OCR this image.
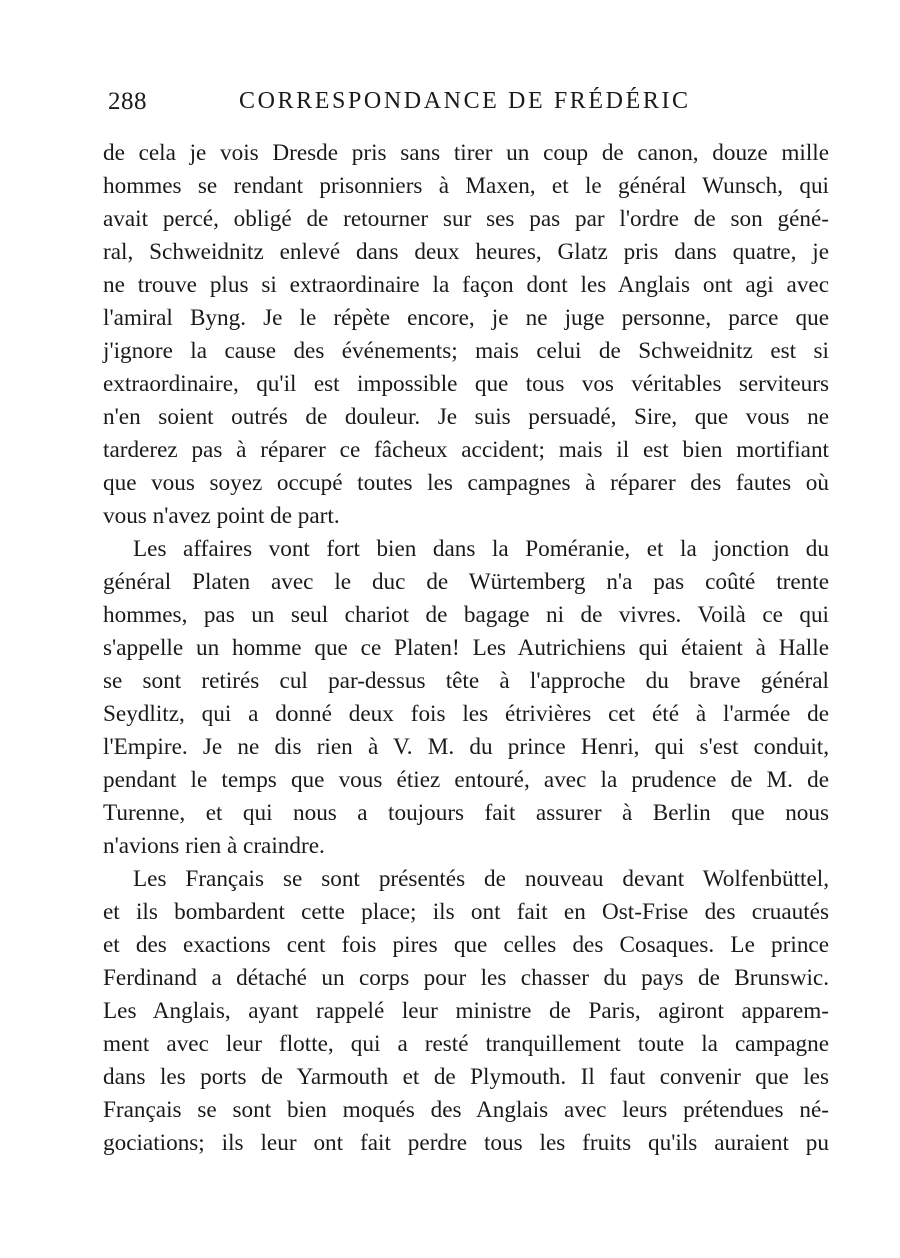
288	CORRESPONDANCE DE FRÉDÉRIC

de cela je vois Dresde pris sans tirer un coup de canon, douze mille
hommes se rendant prisonniers à Maxen, et le général Wunsch, qui
avait percé, obligé de retourner sur ses pas par l'ordre de son géné-
ral, Schweidnitz enlevé dans deux heures, Glatz pris dans quatre, je
ne trouve plus si extraordinaire la façon dont les Anglais ont agi avec
l'amiral Byng. Je le répète encore, je ne juge personne, parce que
j'ignore la cause des événements; mais celui de Schweidnitz est si
extraordinaire, qu'il est impossible que tous vos véritables serviteurs
n'en soient outrés de douleur. Je suis persuadé, Sire, que vous ne
tarderez pas à réparer ce fâcheux accident; mais il est bien mortifiant
que vous soyez occupé toutes les campagnes à réparer des fautes où
vous n'avez point de part.

Les affaires vont fort bien dans la Poméranie, et la jonction du
général Platen avec le duc de Würtemberg n'a pas coûté trente
hommes, pas un seul chariot de bagage ni de vivres. Voilà ce qui
s'appelle un homme que ce Platen! Les Autrichiens qui étaient à Halle
se sont retirés cul par-dessus tête à l'approche du brave général
Seydlitz, qui a donné deux fois les étrivières cet été à l'armée de
l'Empire. Je ne dis rien à V. M. du prince Henri, qui s'est conduit,
pendant le temps que vous étiez entouré, avec la prudence de M. de
Turenne, et qui nous a toujours fait assurer à Berlin que nous
n'avions rien à craindre.

Les Français se sont présentés de nouveau devant Wolfenbüttel,
et ils bombardent cette place; ils ont fait en Ost-Frise des cruautés
et des exactions cent fois pires que celles des Cosaques. Le prince
Ferdinand a détaché un corps pour les chasser du pays de Brunswic.
Les Anglais, ayant rappelé leur ministre de Paris, agiront apparem-
ment avec leur flotte, qui a resté tranquillement toute la campagne
dans les ports de Yarmouth et de Plymouth. Il faut convenir que les
Français se sont bien moqués des Anglais avec leurs prétendues né-
gociations; ils leur ont fait perdre tous les fruits qu'ils auraient pu
